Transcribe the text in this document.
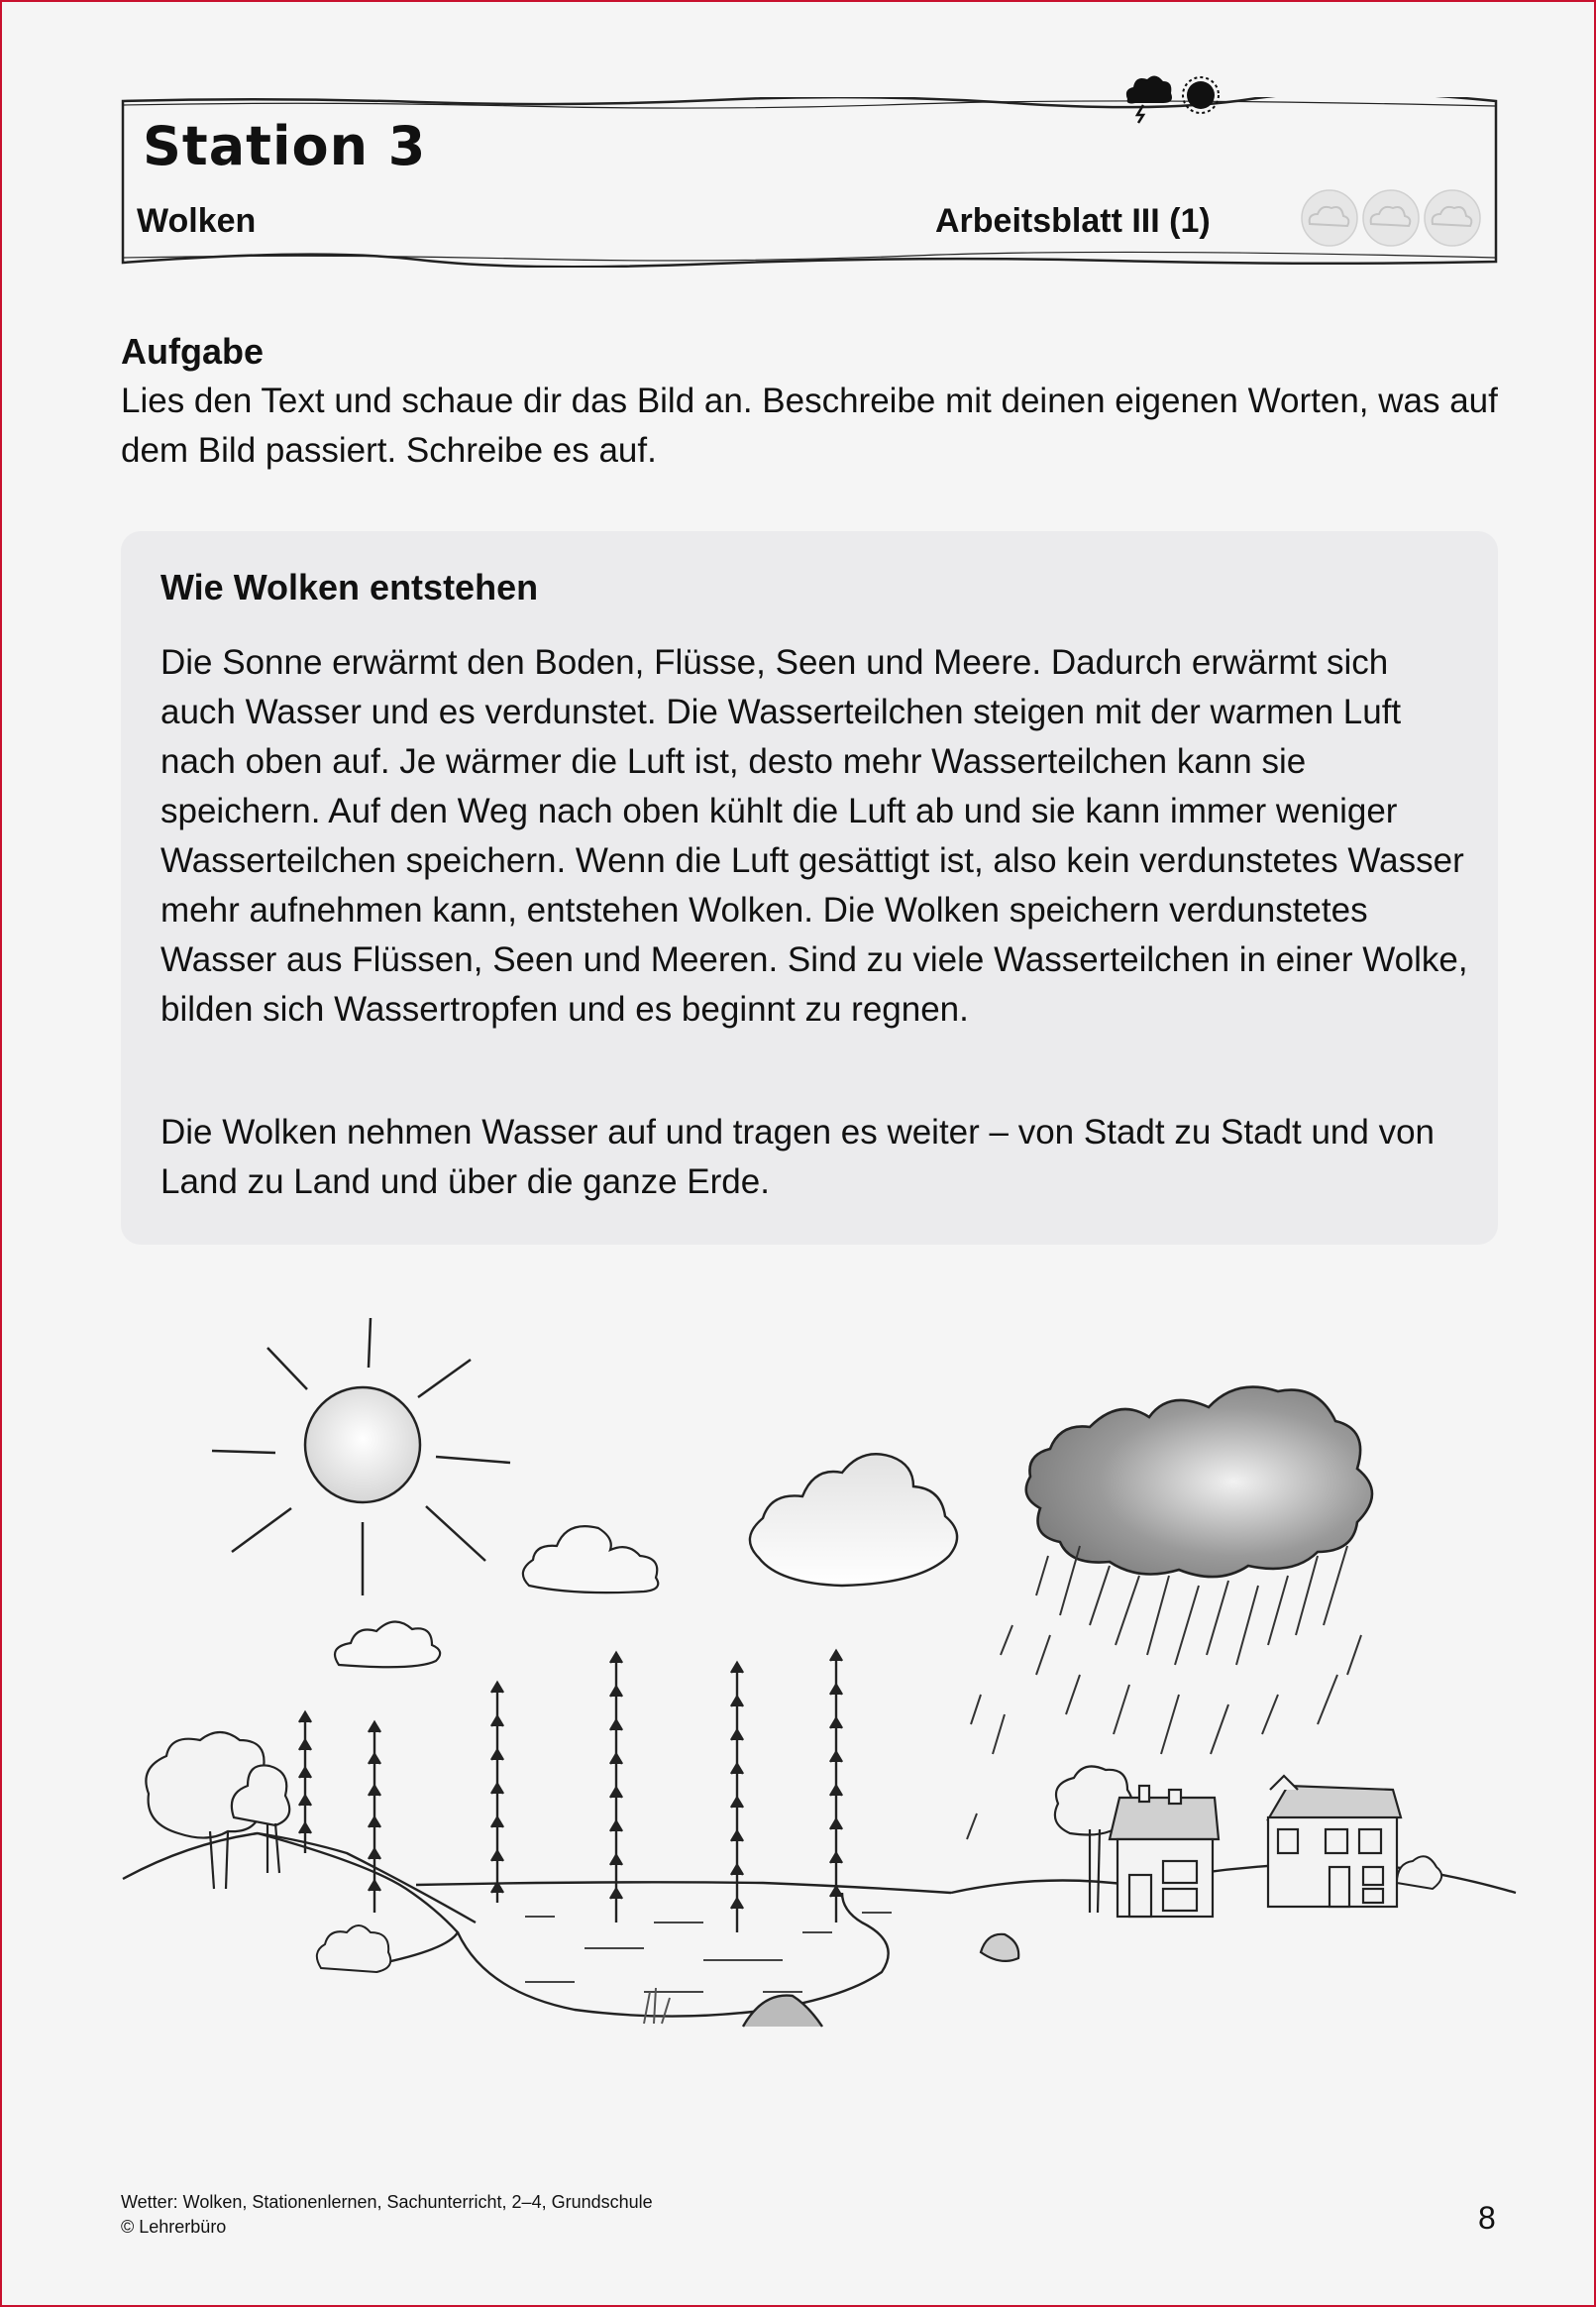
Station 3
Wolken	Arbeitsblatt III (1)
Aufgabe
Lies den Text und schaue dir das Bild an. Beschreibe mit deinen eigenen Worten, was auf dem Bild passiert. Schreibe es auf.
Wie Wolken entstehen
Die Sonne erwärmt den Boden, Flüsse, Seen und Meere. Dadurch erwärmt sich auch Wasser und es verdunstet. Die Wasserteilchen steigen mit der warmen Luft nach oben auf. Je wärmer die Luft ist, desto mehr Wasserteilchen kann sie speichern. Auf den Weg nach oben kühlt die Luft ab und sie kann immer weniger Wasserteilchen speichern. Wenn die Luft gesättigt ist, also kein verdunstetes Wasser mehr aufnehmen kann, entstehen Wolken. Die Wolken speichern verdunstetes Wasser aus Flüssen, Seen und Meeren. Sind zu viele Wasserteilchen in einer Wolke, bilden sich Wassertropfen und es beginnt zu regnen.
Die Wolken nehmen Wasser auf und tragen es weiter – von Stadt zu Stadt und von Land zu Land und über die ganze Erde.
Wetter: Wolken, Stationenlernen, Sachunterricht, 2–4, Grundschule
© Lehrerbüro	8
